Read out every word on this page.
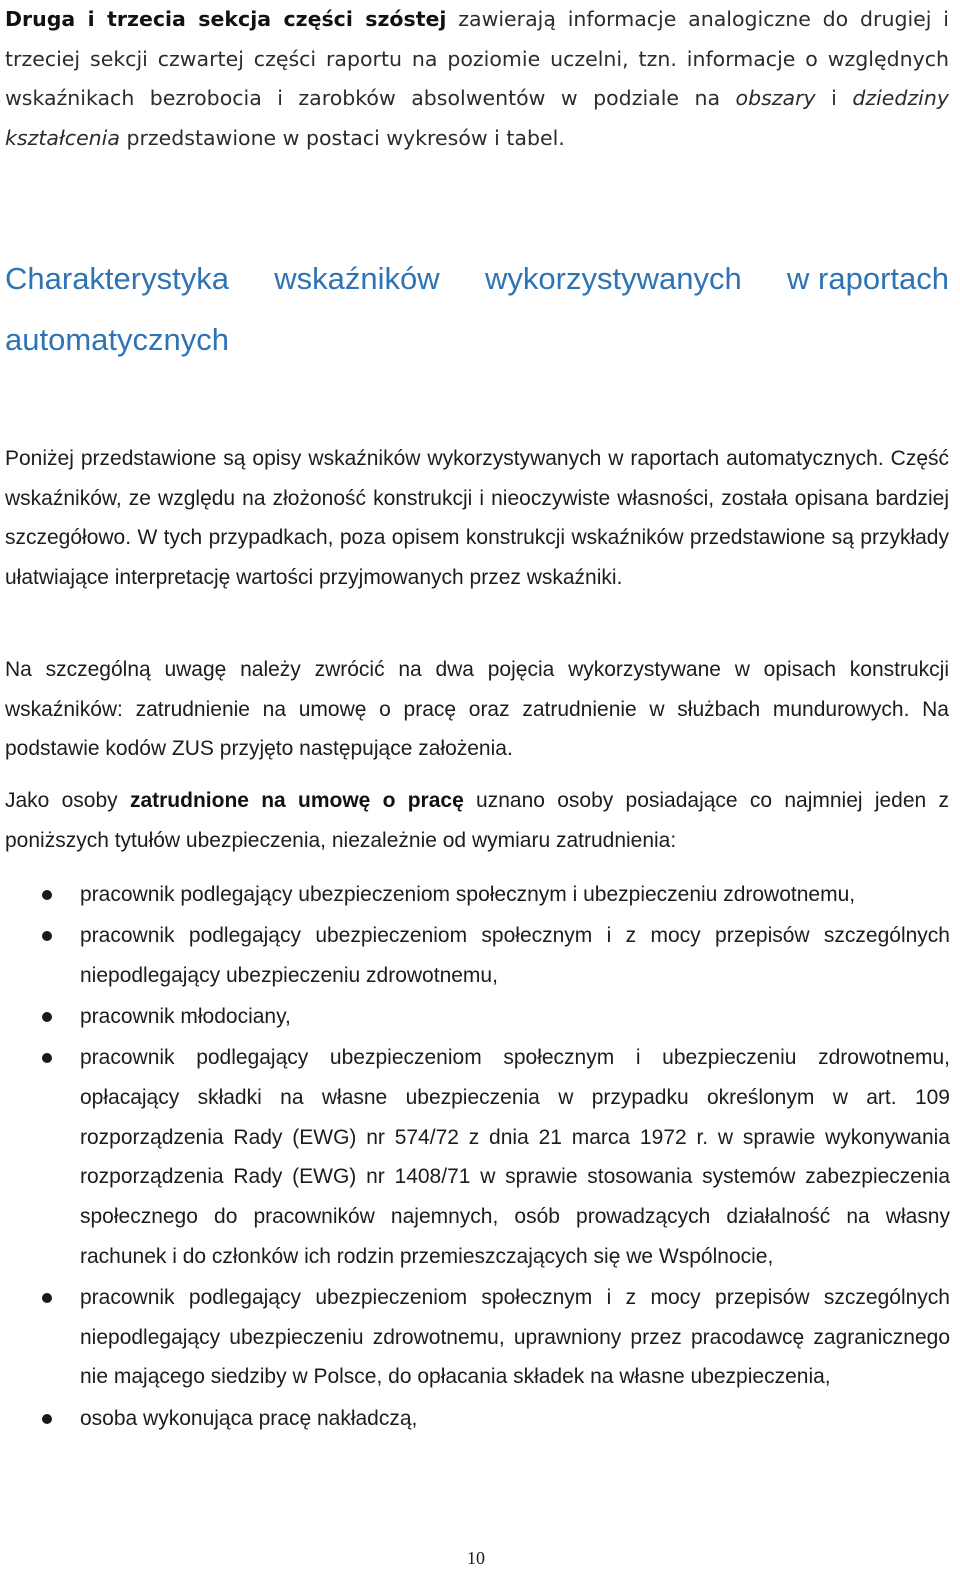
Druga i trzecia sekcja części szóstej zawierają informacje analogiczne do drugiej i trzeciej sekcji czwartej części raportu na poziomie uczelni, tzn. informacje o względnych wskaźnikach bezrobocia i zarobków absolwentów w podziale na obszary i dziedziny kształcenia przedstawione w postaci wykresów i tabel.

Charakterystyka wskaźników wykorzystywanych w raportach
automatycznych

Poniżej przedstawione są opisy wskaźników wykorzystywanych w raportach automatycznych. Część wskaźników, ze względu na złożoność konstrukcji i nieoczywiste własności, została opisana bardziej szczegółowo. W tych przypadkach, poza opisem konstrukcji wskaźników przedstawione są przykłady ułatwiające interpretację wartości przyjmowanych przez wskaźniki.

Na szczególną uwagę należy zwrócić na dwa pojęcia wykorzystywane w opisach konstrukcji wskaźników: zatrudnienie na umowę o pracę oraz zatrudnienie w służbach mundurowych. Na podstawie kodów ZUS przyjęto następujące założenia.

Jako osoby zatrudnione na umowę o pracę uznano osoby posiadające co najmniej jeden z poniższych tytułów ubezpieczenia, niezależnie od wymiaru zatrudnienia:

pracownik podlegający ubezpieczeniom społecznym i ubezpieczeniu zdrowotnemu,
pracownik podlegający ubezpieczeniom społecznym i z mocy przepisów szczególnych niepodlegający ubezpieczeniu zdrowotnemu,
pracownik młodociany,
pracownik podlegający ubezpieczeniom społecznym i ubezpieczeniu zdrowotnemu, opłacający składki na własne ubezpieczenia w przypadku określonym w art. 109 rozporządzenia Rady (EWG) nr 574/72 z dnia 21 marca 1972 r. w sprawie wykonywania rozporządzenia Rady (EWG) nr 1408/71 w sprawie stosowania systemów zabezpieczenia społecznego do pracowników najemnych, osób prowadzących działalność na własny rachunek i do członków ich rodzin przemieszczających się we Wspólnocie,
pracownik podlegający ubezpieczeniom społecznym i z mocy przepisów szczególnych niepodlegający ubezpieczeniu zdrowotnemu, uprawniony przez pracodawcę zagranicznego nie mającego siedziby w Polsce, do opłacania składek na własne ubezpieczenia,
osoba wykonująca pracę nakładczą,
10
